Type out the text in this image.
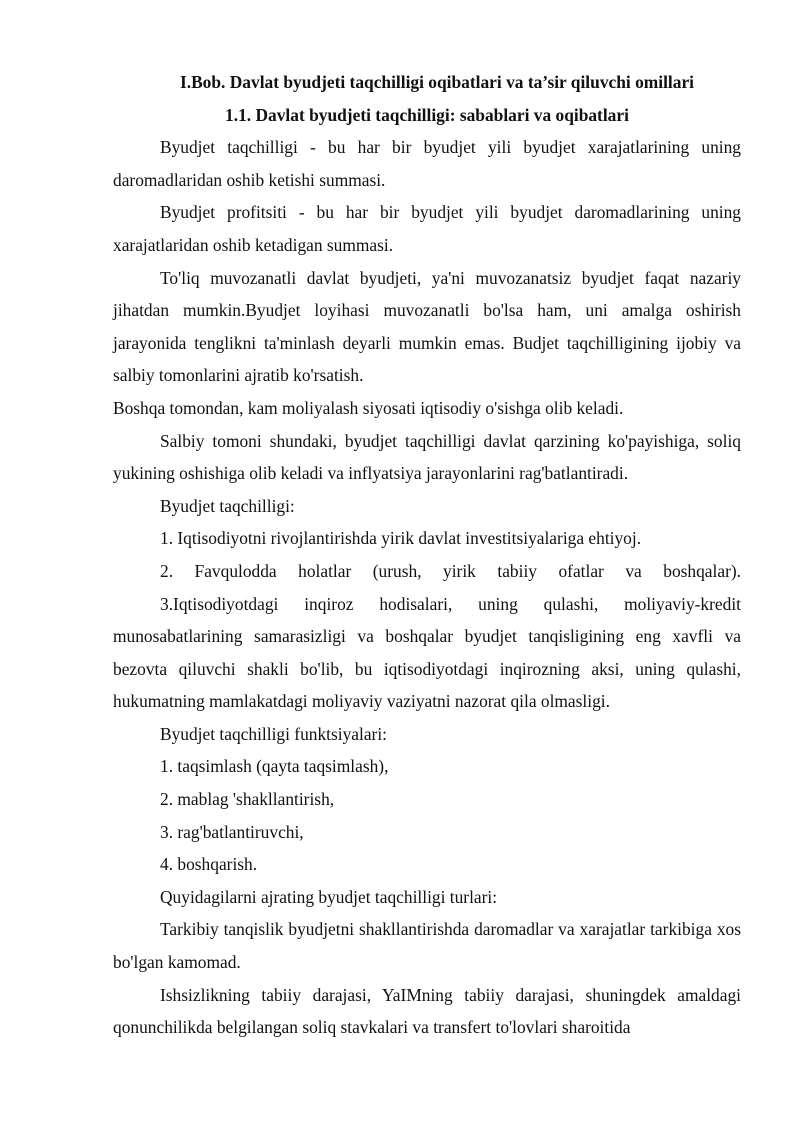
I.Bob. Davlat byudjeti taqchilligi oqibatlari va ta’sir qiluvchi omillari
1.1. Davlat byudjeti taqchilligi: sabablari va oqibatlari

Byudjet taqchilligi - bu har bir byudjet yili byudjet xarajatlarining uning daromadlaridan oshib ketishi summasi.

Byudjet profitsiti - bu har bir byudjet yili byudjet daromadlarining uning xarajatlaridan oshib ketadigan summasi.

To'liq muvozanatli davlat byudjeti, ya'ni muvozanatsiz byudjet faqat nazariy jihatdan mumkin.Byudjet loyihasi muvozanatli bo'lsa ham, uni amalga oshirish jarayonida tenglikni ta'minlash deyarli mumkin emas. Budjet taqchilligining ijobiy va salbiy tomonlarini ajratib ko'rsatish.

Boshqa tomondan, kam moliyalash siyosati iqtisodiy o'sishga olib keladi.

Salbiy tomoni shundaki, byudjet taqchilligi davlat qarzining ko'payishiga, soliq yukining oshishiga olib keladi va inflyatsiya jarayonlarini rag'batlantiradi.

Byudjet taqchilligi:

1. Iqtisodiyotni rivojlantirishda yirik davlat investitsiyalariga ehtiyoj.

2. Favqulodda holatlar (urush, yirik tabiiy ofatlar va boshqalar).

3.Iqtisodiyotdagi inqiroz hodisalari, uning qulashi, moliyaviy-kredit munosabatlarining samarasizligi va boshqalar byudjet tanqisligining eng xavfli va bezovta qiluvchi shakli bo'lib, bu iqtisodiyotdagi inqirozning aksi, uning qulashi, hukumatning mamlakatdagi moliyaviy vaziyatni nazorat qila olmasligi.

Byudjet taqchilligi funktsiyalari:

1. taqsimlash (qayta taqsimlash),

2. mablag 'shakllantirish,

3. rag'batlantiruvchi,

4. boshqarish.

Quyidagilarni ajrating byudjet taqchilligi turlari:

Tarkibiy tanqislik byudjetni shakllantirishda daromadlar va xarajatlar tarkibiga xos bo'lgan kamomad.

Ishsizlikning tabiiy darajasi, YaIMning tabiiy darajasi, shuningdek amaldagi qonunchilikda belgilangan soliq stavkalari va transfert to'lovlari sharoitida
